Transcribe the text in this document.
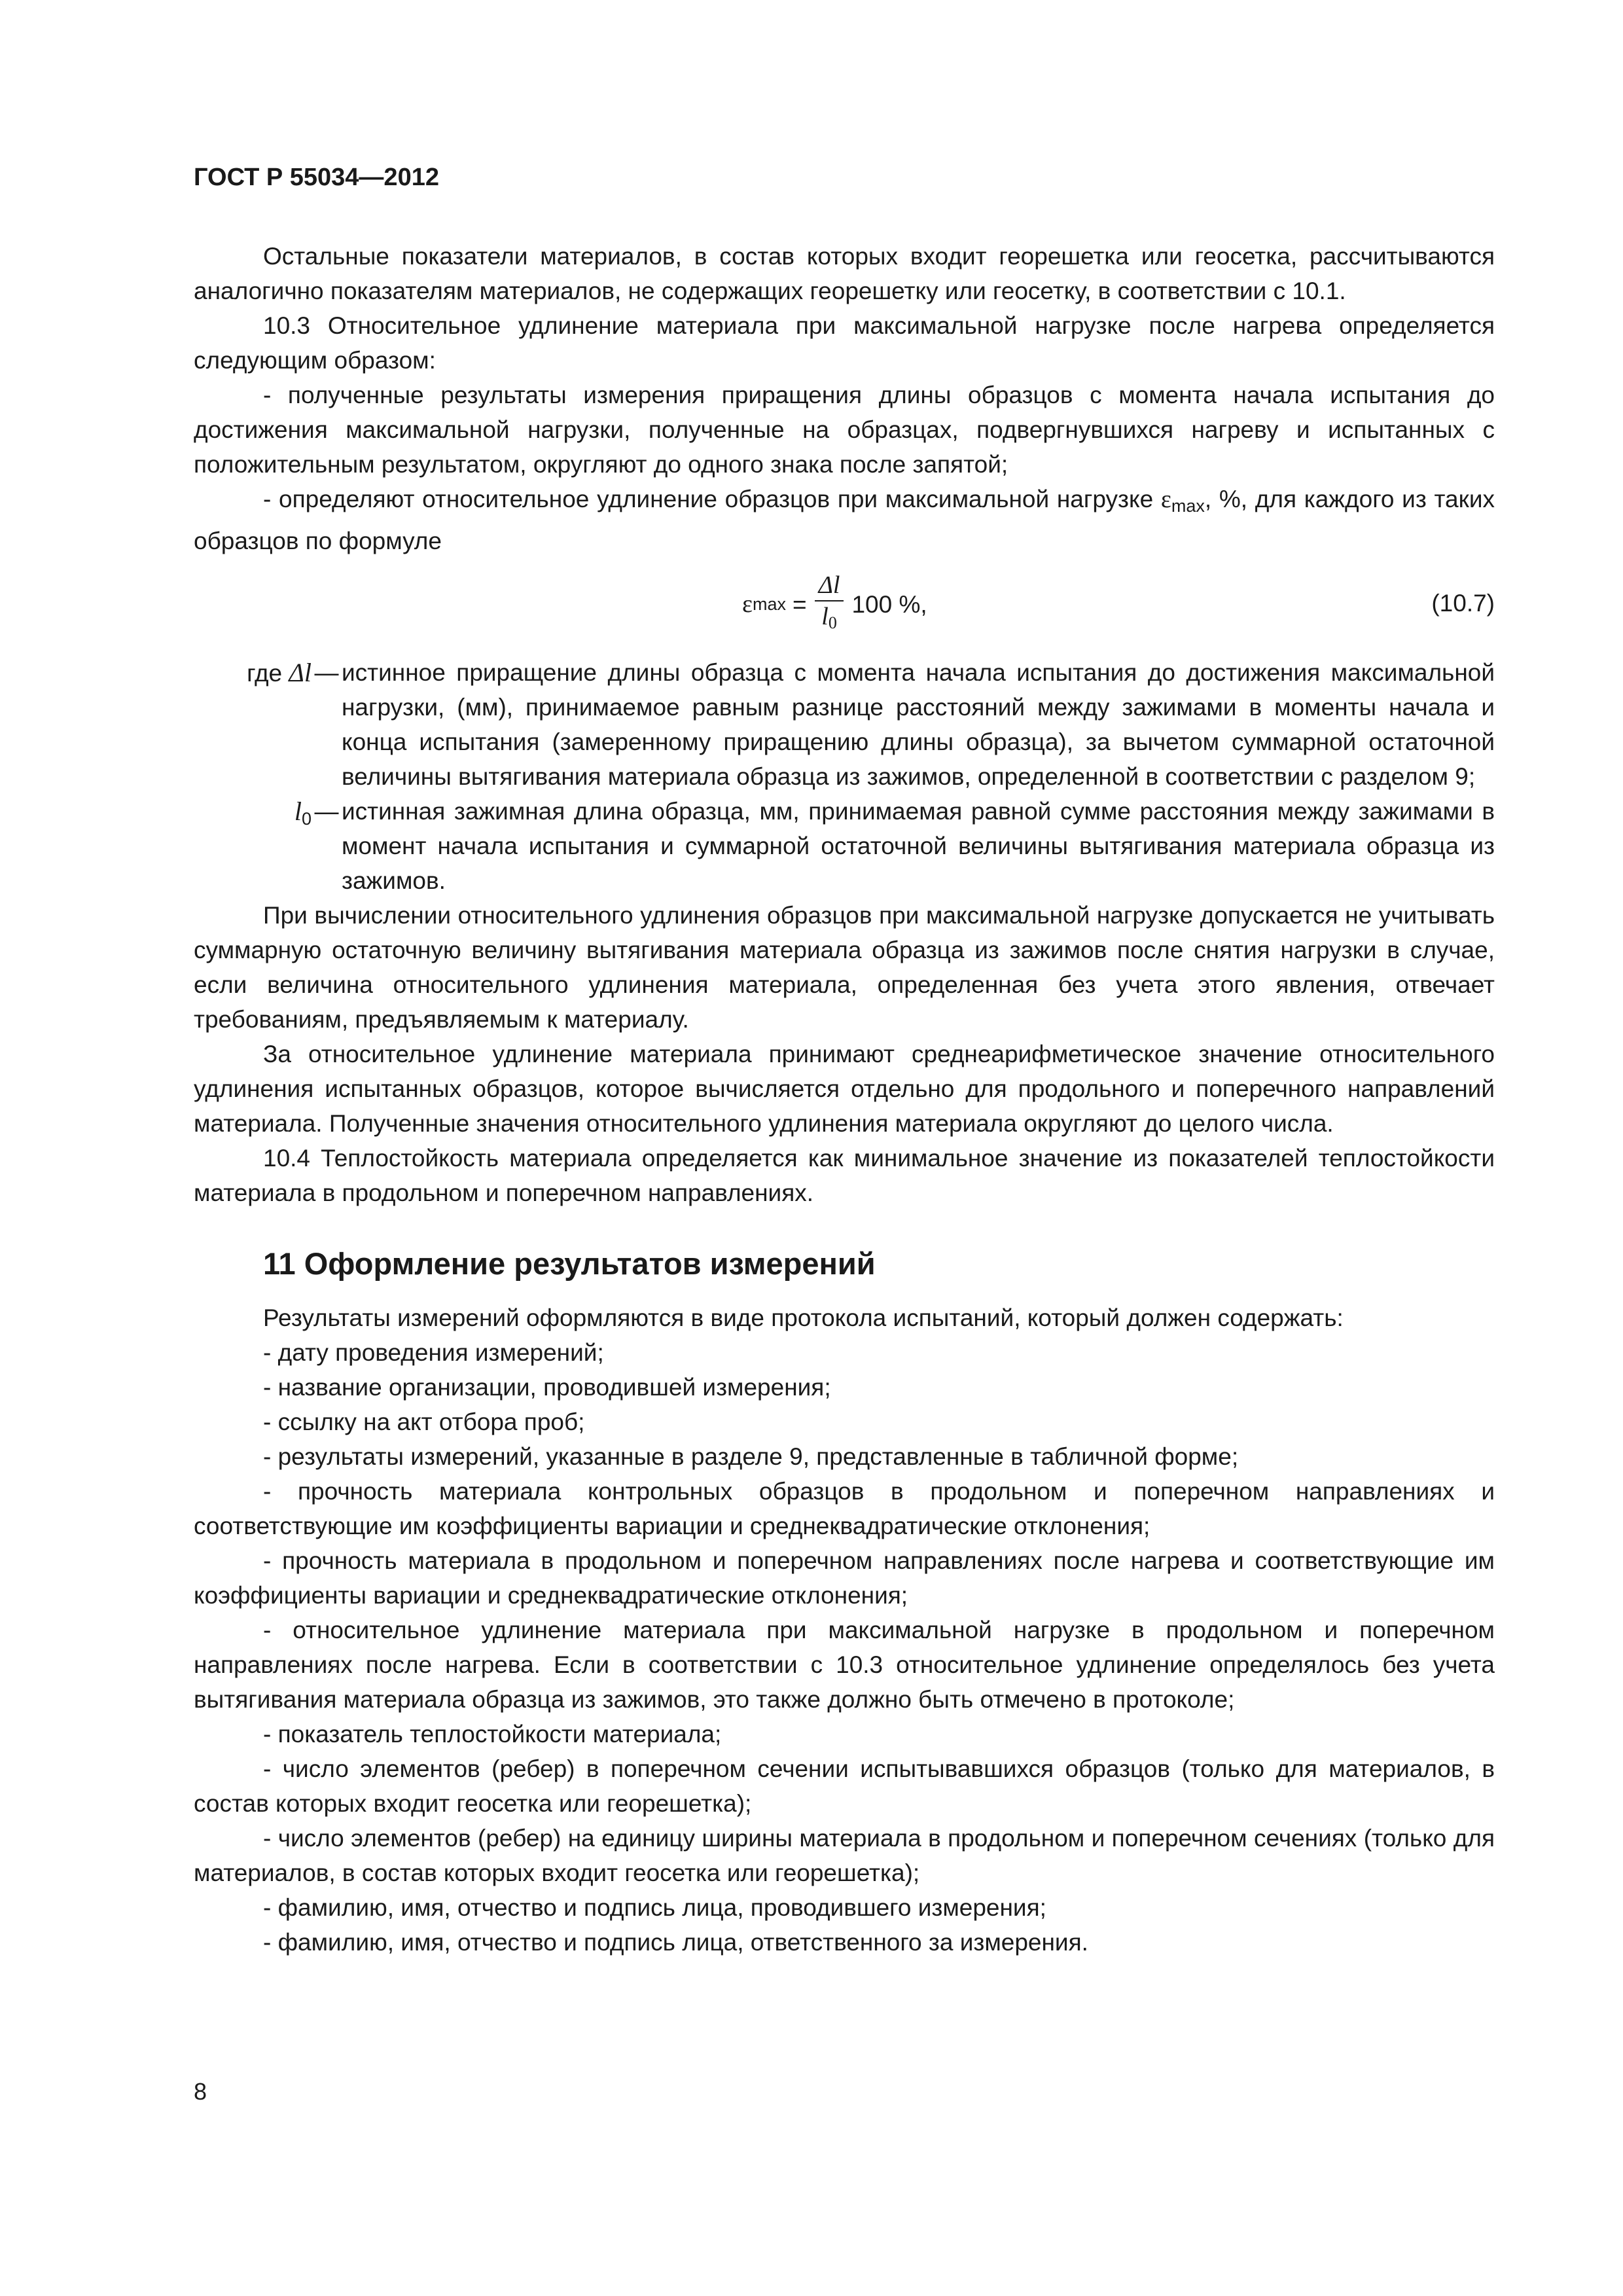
ГОСТ Р 55034—2012

Остальные показатели материалов, в состав которых входит георешетка или геосетка, рассчитываются аналогично показателям материалов, не содержащих георешетку или геосетку, в соответствии с 10.1.

10.3 Относительное удлинение материала при максимальной нагрузке после нагрева определяется следующим образом:

- полученные результаты измерения приращения длины образцов с момента начала испытания до достижения максимальной нагрузки, полученные на образцах, подвергнувшихся нагреву и испытанных с положительным результатом, округляют до одного знака после запятой;

- определяют относительное удлинение образцов при максимальной нагрузке $\varepsilon_{max}$, %, для каждого из таких образцов по формуле

ε $\max = \frac{\Delta l}{l0} 100$ %,	(10.7)
где Δl — истинное приращение длины образца с момента начала испытания до достижения максимальной нагрузки, (мм), принимаемое равным разнице расстояний между зажимами в моменты начала и конца испытания (замеренному приращению длины образца), за вычетом суммарной остаточной величины вытягивания материала образца из зажимов, определенной в соответствии с разделом 9;
$l_0$ — истинная зажимная длина образца, мм, принимаемая равной сумме расстояния между зажимами в момент начала испытания и суммарной остаточной величины вытягивания материала образца из зажимов.

При вычислении относительного удлинения образцов при максимальной нагрузке допускается не учитывать суммарную остаточную величину вытягивания материала образца из зажимов после снятия нагрузки в случае, если величина относительного удлинения материала, определенная без учета этого явления, отвечает требованиям, предъявляемым к материалу.

За относительное удлинение материала принимают среднеарифметическое значение относительного удлинения испытанных образцов, которое вычисляется отдельно для продольного и поперечного направлений материала. Полученные значения относительного удлинения материала округляют до целого числа.

10.4 Теплостойкость материала определяется как минимальное значение из показателей теплостойкости материала в продольном и поперечном направлениях.

11 Оформление результатов измерений

Результаты измерений оформляются в виде протокола испытаний, который должен содержать:

- дату проведения измерений;

- название организации, проводившей измерения;

- ссылку на акт отбора проб;

- результаты измерений, указанные в разделе 9, представленные в табличной форме;

- прочность материала контрольных образцов в продольном и поперечном направлениях и соответствующие им коэффициенты вариации и среднеквадратические отклонения;

- прочность материала в продольном и поперечном направлениях после нагрева и соответствующие им коэффициенты вариации и среднеквадратические отклонения;

- относительное удлинение материала при максимальной нагрузке в продольном и поперечном направлениях после нагрева. Если в соответствии с 10.3 относительное удлинение определялось без учета вытягивания материала образца из зажимов, это также должно быть отмечено в протоколе;

- показатель теплостойкости материала;

- число элементов (ребер) в поперечном сечении испытывавшихся образцов (только для материалов, в состав которых входит геосетка или георешетка);

- число элементов (ребер) на единицу ширины материала в продольном и поперечном сечениях (только для материалов, в состав которых входит геосетка или георешетка);

- фамилию, имя, отчество и подпись лица, проводившего измерения;

- фамилию, имя, отчество и подпись лица, ответственного за измерения.

8
